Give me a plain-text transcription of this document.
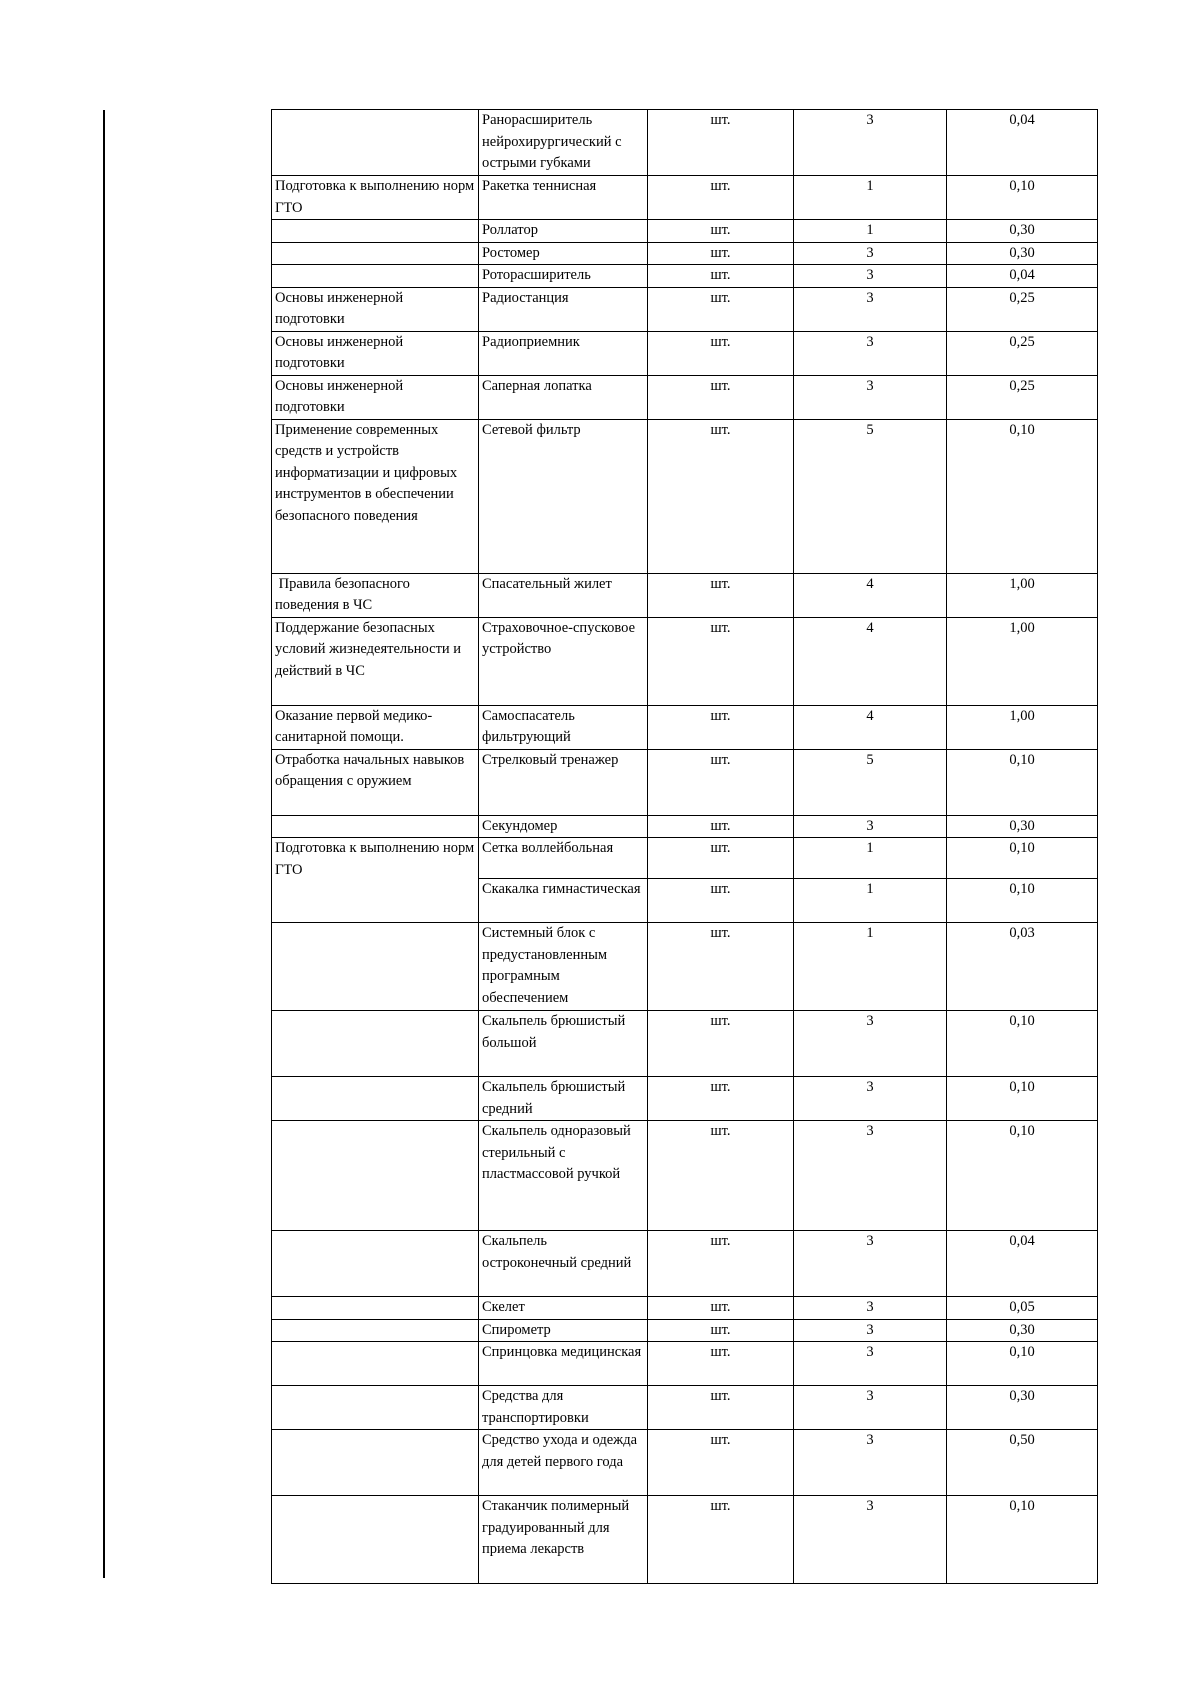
	Ранорасширитель нейрохирургический с острыми губками	шт.	3	0,04
Подготовка к выполнению норм ГТО	Ракетка теннисная	шт.	1	0,10
	Роллатор	шт.	1	0,30
	Ростомер	шт.	3	0,30
	Роторасширитель	шт.	3	0,04
Основы инженерной подготовки	Радиостанция	шт.	3	0,25
Основы инженерной подготовки	Радиоприемник	шт.	3	0,25
Основы инженерной подготовки	Саперная лопатка	шт.	3	0,25
Применение современных средств и устройств информатизации и цифровых инструментов в обеспечении безопасного поведения	Сетевой фильтр	шт.	5	0,10
Правила безопасного поведения в ЧС	Спасательный жилет	шт.	4	1,00
Поддержание безопасных условий жизнедеятельности и действий в ЧС	Страховочное-спусковое устройство	шт.	4	1,00
Оказание первой медико-санитарной помощи.	Самоспасатель фильтрующий	шт.	4	1,00
Отработка начальных навыков обращения с оружием	Стрелковый тренажер	шт.	5	0,10
	Секундомер	шт.	3	0,30
Подготовка к выполнению норм ГТО	Сетка воллейбольная	шт.	1	0,10
	Скакалка гимнастическая	шт.	1	0,10
	Системный блок с предустановленным програмным обеспечением	шт.	1	0,03
	Скальпель брюшистый большой	шт.	3	0,10
	Скальпель брюшистый средний	шт.	3	0,10
	Скальпель одноразовый стерильный с пластмассовой ручкой	шт.	3	0,10
	Скальпель остроконечный средний	шт.	3	0,04
	Скелет	шт.	3	0,05
	Спирометр	шт.	3	0,30
	Спринцовка медицинская	шт.	3	0,10
	Средства для транспортировки	шт.	3	0,30
	Средство ухода и одежда для детей первого года	шт.	3	0,50
	Стаканчик полимерный градуированный для приема лекарств	шт.	3	0,10
